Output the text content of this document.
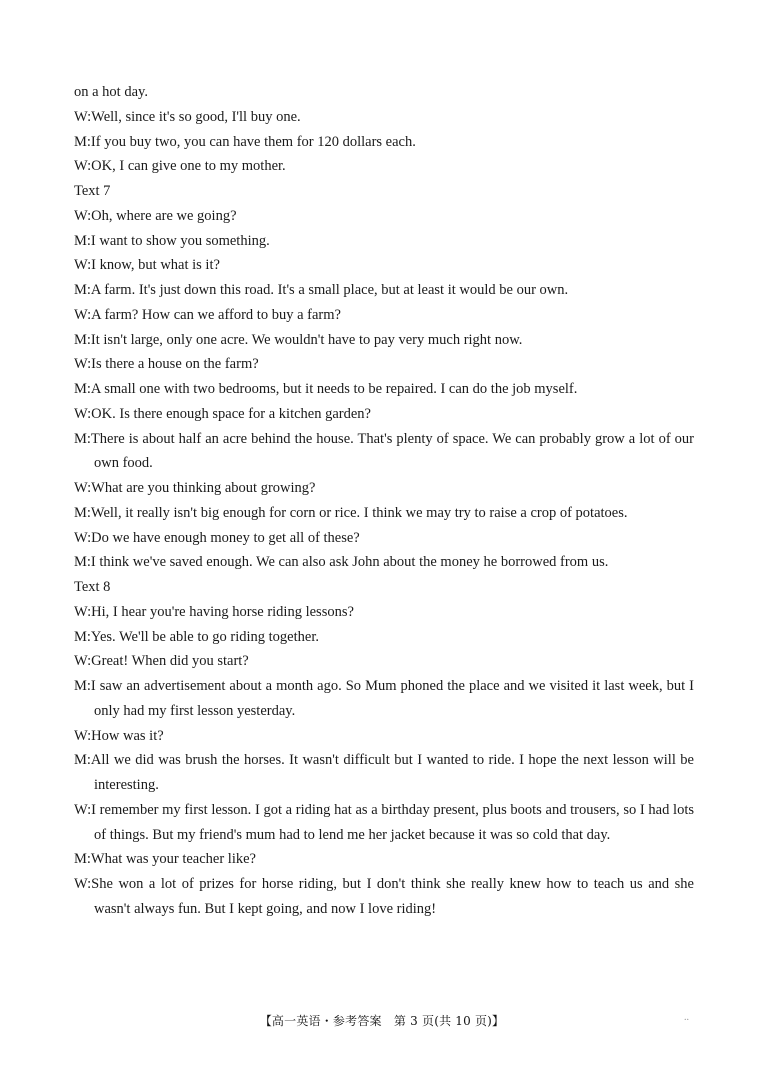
on a hot day.
W:Well, since it's so good, I'll buy one.
M:If you buy two, you can have them for 120 dollars each.
W:OK, I can give one to my mother.
Text 7
W:Oh, where are we going?
M:I want to show you something.
W:I know, but what is it?
M:A farm. It's just down this road. It's a small place, but at least it would be our own.
W:A farm? How can we afford to buy a farm?
M:It isn't large, only one acre. We wouldn't have to pay very much right now.
W:Is there a house on the farm?
M:A small one with two bedrooms, but it needs to be repaired. I can do the job myself.
W:OK. Is there enough space for a kitchen garden?
M:There is about half an acre behind the house. That's plenty of space. We can probably grow a lot of our own food.
W:What are you thinking about growing?
M:Well, it really isn't big enough for corn or rice. I think we may try to raise a crop of potatoes.
W:Do we have enough money to get all of these?
M:I think we've saved enough. We can also ask John about the money he borrowed from us.
Text 8
W:Hi, I hear you're having horse riding lessons?
M:Yes. We'll be able to go riding together.
W:Great! When did you start?
M:I saw an advertisement about a month ago. So Mum phoned the place and we visited it last week, but I only had my first lesson yesterday.
W:How was it?
M:All we did was brush the horses. It wasn't difficult but I wanted to ride. I hope the next lesson will be interesting.
W:I remember my first lesson. I got a riding hat as a birthday present, plus boots and trousers, so I had lots of things. But my friend's mum had to lend me her jacket because it was so cold that day.
M:What was your teacher like?
W:She won a lot of prizes for horse riding, but I don't think she really knew how to teach us and she wasn't always fun. But I kept going, and now I love riding!
【高一英语・参考答案　第 3 页(共 10 页)】	..
